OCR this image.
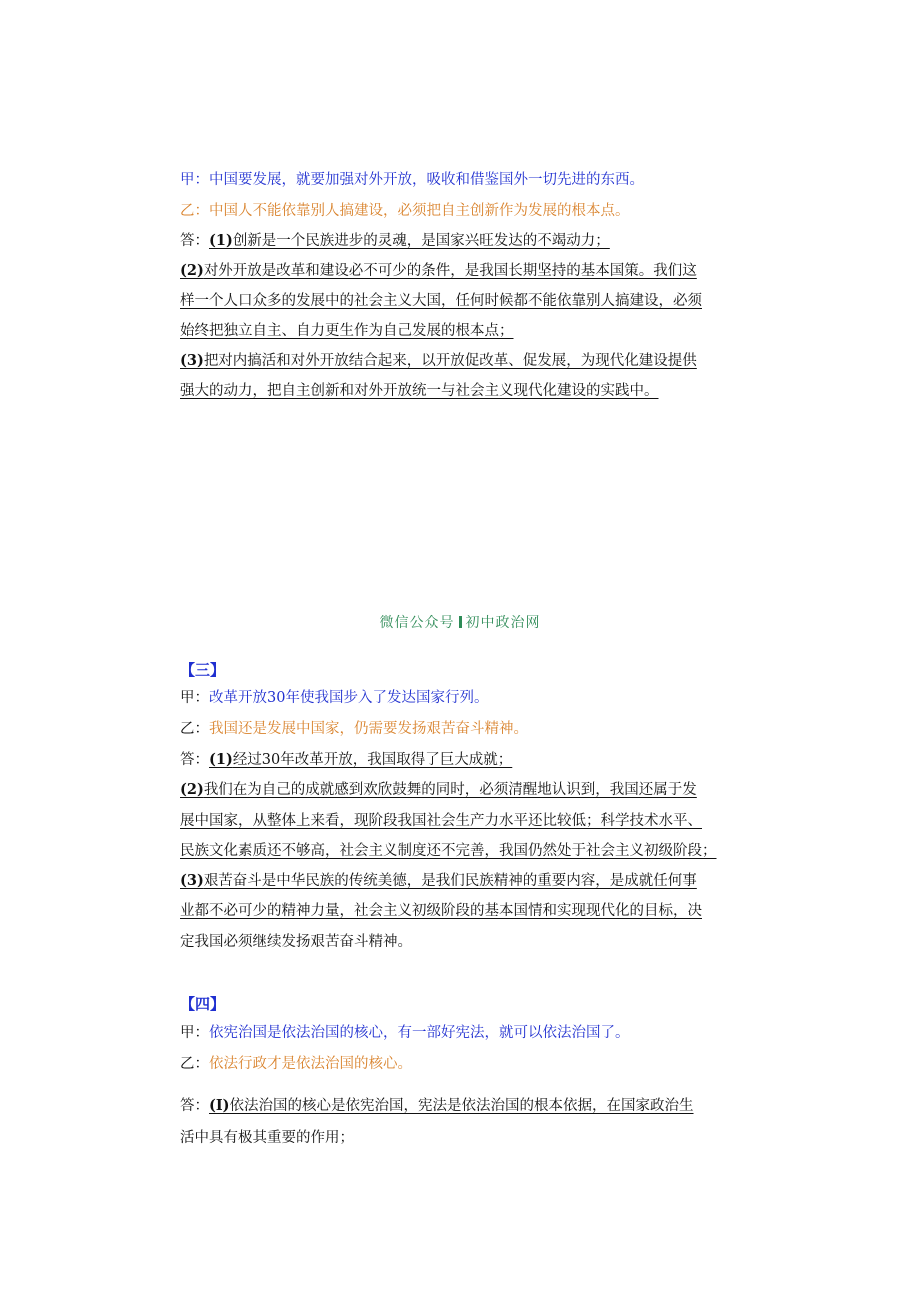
甲：中国要发展，就要加强对外开放，吸收和借鉴国外一切先进的东西。
乙：中国人不能依靠别人搞建设，必须把自主创新作为发展的根本点。
答：(1)创新是一个民族进步的灵魂，是国家兴旺发达的不竭动力；
(2)对外开放是改革和建设必不可少的条件，是我国长期坚持的基本国策。我们这
样一个人口众多的发展中的社会主义大国，任何时候都不能依靠别人搞建设，必须
始终把独立自主、自力更生作为自己发展的根本点；
(3)把对内搞活和对外开放结合起来，以开放促改革、促发展，为现代化建设提供
强大的动力，把自主创新和对外开放统一与社会主义现代化建设的实践中。
微信公众号 初中政治网
【三】
甲：改革开放30年使我国步入了发达国家行列。
乙：我国还是发展中国家，仍需要发扬艰苦奋斗精神。
答：(1)经过30年改革开放，我国取得了巨大成就；
(2)我们在为自己的成就感到欢欣鼓舞的同时，必须清醒地认识到，我国还属于发
展中国家，从整体上来看，现阶段我国社会生产力水平还比较低；科学技术水平、
民族文化素质还不够高，社会主义制度还不完善，我国仍然处于社会主义初级阶段；
(3)艰苦奋斗是中华民族的传统美德，是我们民族精神的重要内容，是成就任何事
业都不必可少的精神力量，社会主义初级阶段的基本国情和实现现代化的目标，决
定我国必须继续发扬艰苦奋斗精神。
【四】
甲：依宪治国是依法治国的核心，有一部好宪法，就可以依法治国了。
乙：依法行政才是依法治国的核心。
答：(I)依法治国的核心是依宪治国，宪法是依法治国的根本依据，在国家政治生
活中具有极其重要的作用；
